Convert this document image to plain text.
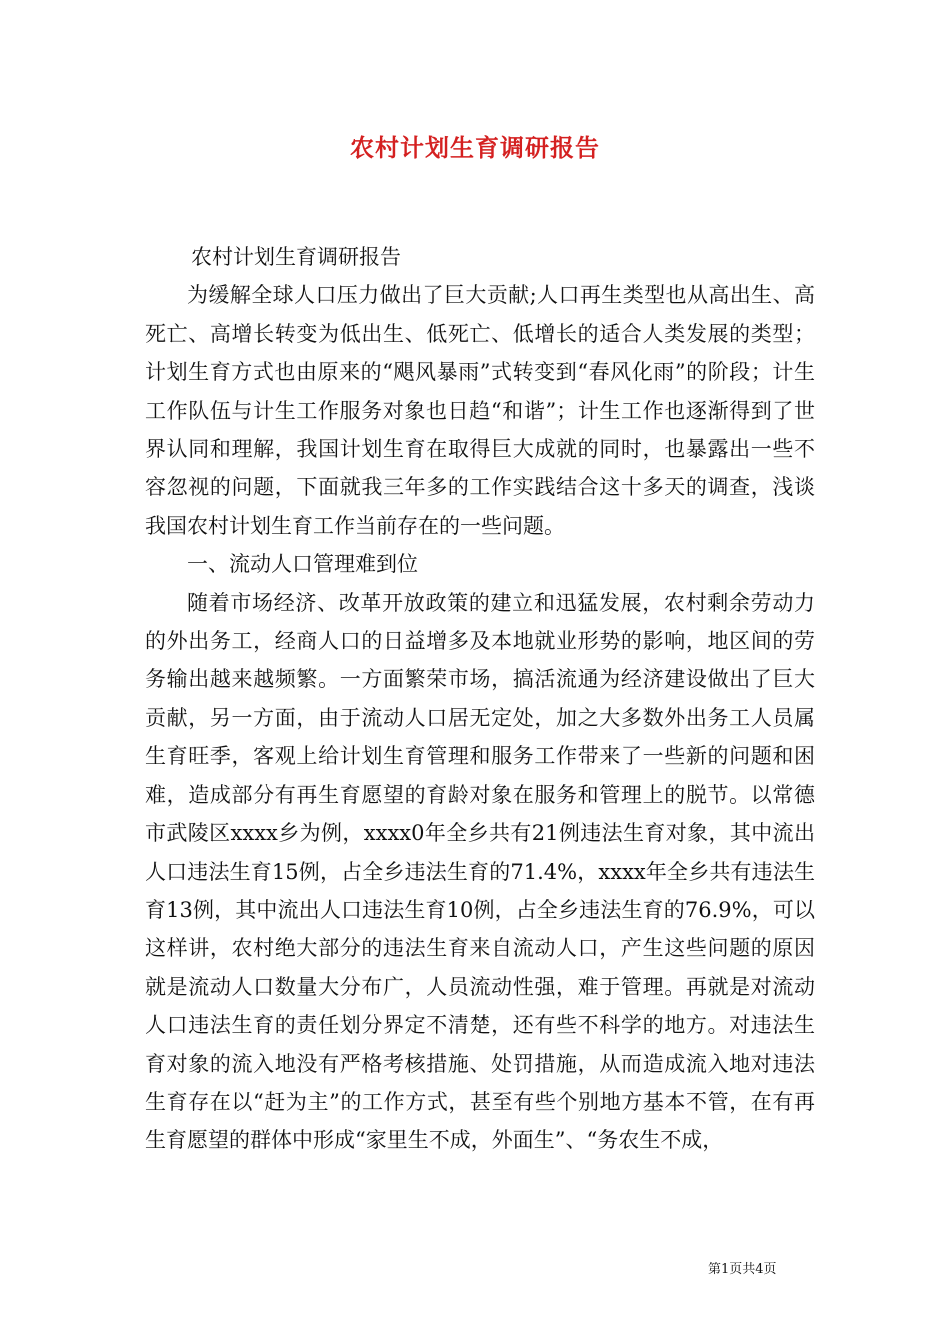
农村计划生育调研报告

农村计划生育调研报告

为缓解全球人口压力做出了巨大贡献;人口再生类型也从高出生、高死亡、高增长转变为低出生、低死亡、低增长的适合人类发展的类型；计划生育方式也由原来的“飓风暴雨”式转变到“春风化雨”的阶段；计生工作队伍与计生工作服务对象也日趋“和谐”；计生工作也逐渐得到了世界认同和理解，我国计划生育在取得巨大成就的同时，也暴露出一些不容忽视的问题，下面就我三年多的工作实践结合这十多天的调查，浅谈我国农村计划生育工作当前存在的一些问题。

一、流动人口管理难到位

随着市场经济、改革开放政策的建立和迅猛发展，农村剩余劳动力的外出务工，经商人口的日益增多及本地就业形势的影响，地区间的劳务输出越来越频繁。一方面繁荣市场，搞活流通为经济建设做出了巨大贡献，另一方面，由于流动人口居无定处，加之大多数外出务工人员属生育旺季，客观上给计划生育管理和服务工作带来了一些新的问题和困难，造成部分有再生育愿望的育龄对象在服务和管理上的脱节。以常德市武陵区xxxx乡为例，xxxx0年全乡共有21例违法生育对象，其中流出人口违法生育15例，占全乡违法生育的71.4%，xxxx年全乡共有违法生育13例，其中流出人口违法生育10例，占全乡违法生育的76.9%，可以这样讲，农村绝大部分的违法生育来自流动人口，产生这些问题的原因就是流动人口数量大分布广，人员流动性强，难于管理。再就是对流动人口违法生育的责任划分界定不清楚，还有些不科学的地方。对违法生育对象的流入地没有严格考核措施、处罚措施，从而造成流入地对违法生育存在以“赶为主”的工作方式，甚至有些个别地方基本不管，在有再生育愿望的群体中形成“家里生不成，外面生”、“务农生不成，

第1页共4页
